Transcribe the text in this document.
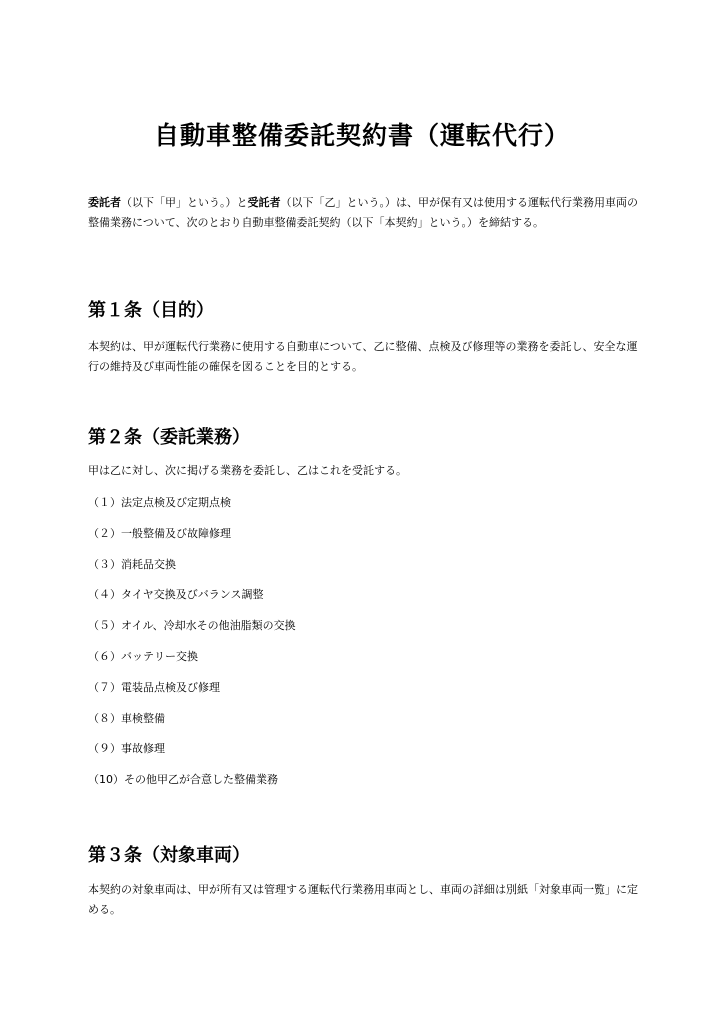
自動車整備委託契約書（運転代行）

委託者（以下「甲」という。）と受託者（以下「乙」という。）は、甲が保有又は使用する運転代行業務用車両の整備業務について、次のとおり自動車整備委託契約（以下「本契約」という。）を締結する。

第１条（目的）

本契約は、甲が運転代行業務に使用する自動車について、乙に整備、点検及び修理等の業務を委託し、安全な運行の維持及び車両性能の確保を図ることを目的とする。

第２条（委託業務）

甲は乙に対し、次に掲げる業務を委託し、乙はこれを受託する。

（１）法定点検及び定期点検
（２）一般整備及び故障修理
（３）消耗品交換
（４）タイヤ交換及びバランス調整
（５）オイル、冷却水その他油脂類の交換
（６）バッテリー交換
（７）電装品点検及び修理
（８）車検整備
（９）事故修理
（10）その他甲乙が合意した整備業務
第３条（対象車両）

本契約の対象車両は、甲が所有又は管理する運転代行業務用車両とし、車両の詳細は別紙「対象車両一覧」に定める。
